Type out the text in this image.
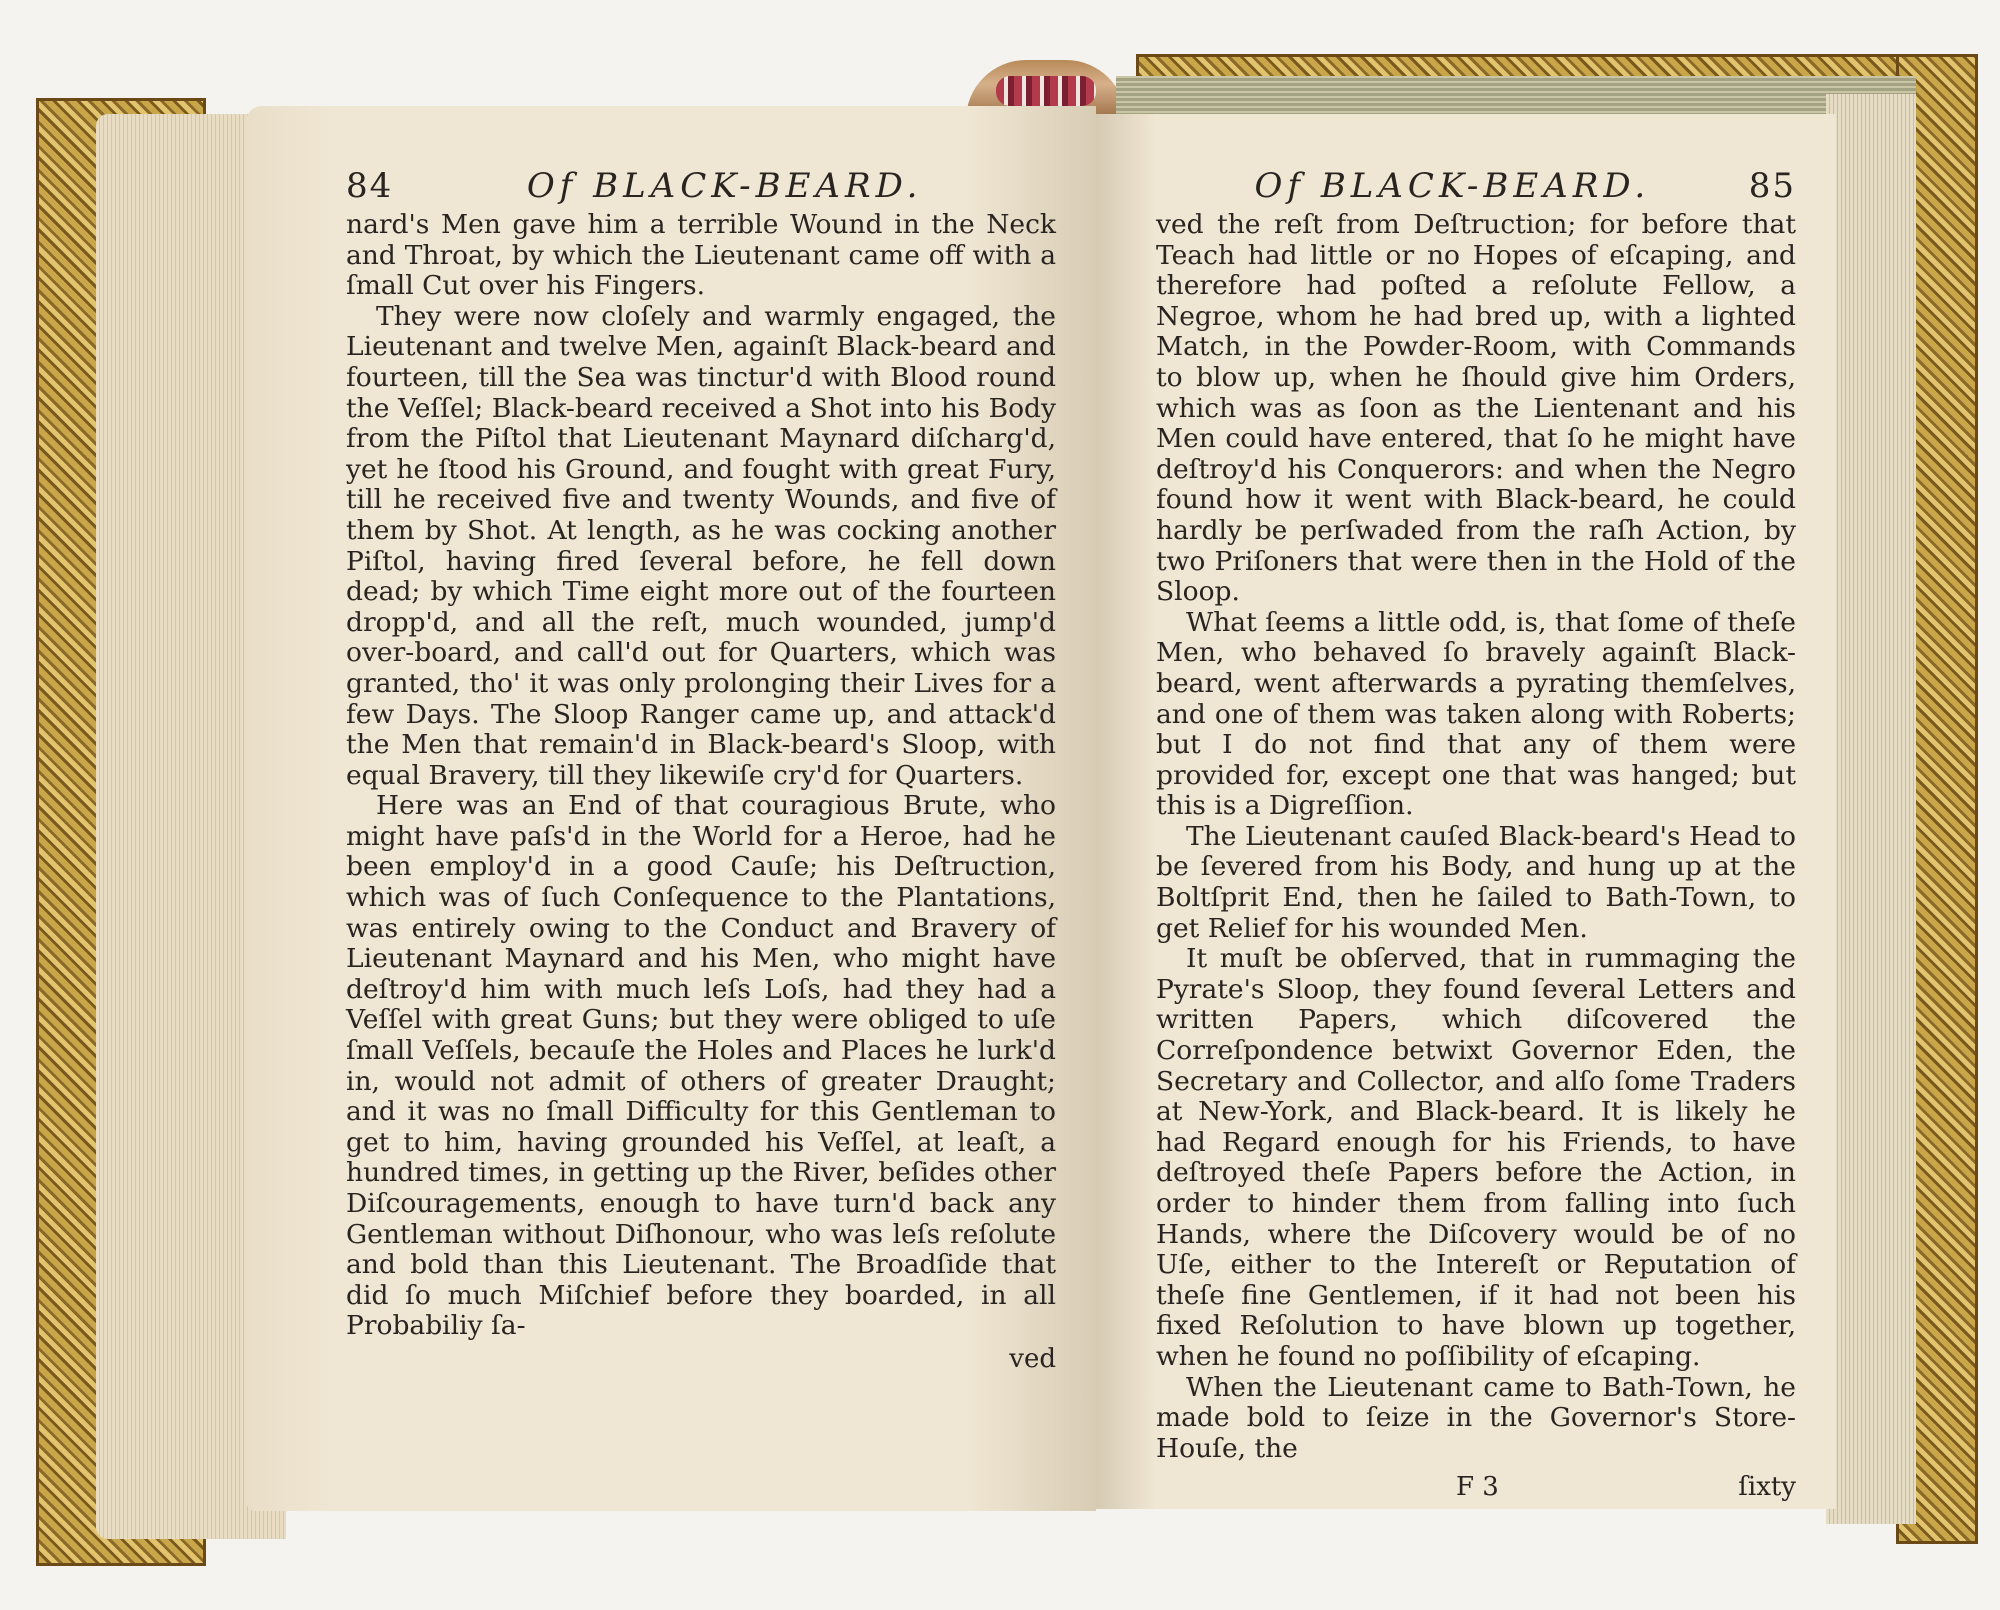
84	Of BLACK-BEARD.

nard's Men gave him a terrible Wound in the Neck and Throat, by which the Lieutenant came off with a ſmall Cut over his Fingers.

They were now cloſely and warmly engaged, the Lieutenant and twelve Men, againſt Black-beard and fourteen, till the Sea was tinctur'd with Blood round the Veſſel; Black-beard received a Shot into his Body from the Piſtol that Lieutenant Maynard diſcharg'd, yet he ſtood his Ground, and fought with great Fury, till he received five and twenty Wounds, and five of them by Shot. At length, as he was cocking another Piſtol, having fired ſeveral before, he fell down dead; by which Time eight more out of the fourteen dropp'd, and all the reſt, much wounded, jump'd over-board, and call'd out for Quarters, which was granted, tho' it was only prolonging their Lives for a few Days. The Sloop Ranger came up, and attack'd the Men that remain'd in Black-beard's Sloop, with equal Bravery, till they likewiſe cry'd for Quarters.

Here was an End of that couragious Brute, who might have paſs'd in the World for a Heroe, had he been employ'd in a good Cauſe; his Deſtruction, which was of ſuch Conſequence to the Plantations, was entirely owing to the Conduct and Bravery of Lieutenant Maynard and his Men, who might have deſtroy'd him with much leſs Loſs, had they had a Veſſel with great Guns; but they were obliged to uſe ſmall Veſſels, becauſe the Holes and Places he lurk'd in, would not admit of others of greater Draught; and it was no ſmall Difficulty for this Gentleman to get to him, having grounded his Veſſel, at leaſt, a hundred times, in getting up the River, beſides other Diſcouragements, enough to have turn'd back any Gentleman without Diſhonour, who was leſs reſolute and bold than this Lieutenant. The Broadſide that did ſo much Miſchief before they boarded, in all Probabiliy ſa-

ved
Of BLACK-BEARD.	85

ved the reſt from Deſtruction; for before that Teach had little or no Hopes of eſcaping, and therefore had poſted a reſolute Fellow, a Negroe, whom he had bred up, with a lighted Match, in the Powder-Room, with Commands to blow up, when he ſhould give him Orders, which was as ſoon as the Lientenant and his Men could have entered, that ſo he might have deſtroy'd his Conquerors: and when the Negro found how it went with Black-beard, he could hardly be perſwaded from the raſh Action, by two Priſoners that were then in the Hold of the Sloop.

What ſeems a little odd, is, that ſome of theſe Men, who behaved ſo bravely againſt Black-beard, went afterwards a pyrating themſelves, and one of them was taken along with Roberts; but I do not find that any of them were provided for, except one that was hanged; but this is a Digreſſion.

The Lieutenant cauſed Black-beard's Head to be ſevered from his Body, and hung up at the Boltſprit End, then he ſailed to Bath-Town, to get Relief for his wounded Men.

It muſt be obſerved, that in rummaging the Pyrate's Sloop, they found ſeveral Letters and written Papers, which diſcovered the Correſpondence betwixt Governor Eden, the Secretary and Collector, and alſo ſome Traders at New-York, and Black-beard. It is likely he had Regard enough for his Friends, to have deſtroyed theſe Papers before the Action, in order to hinder them from falling into ſuch Hands, where the Diſcovery would be of no Uſe, either to the Intereſt or Reputation of theſe fine Gentlemen, if it had not been his fixed Reſolution to have blown up together, when he found no poſſibility of eſcaping.

When the Lieutenant came to Bath-Town, he made bold to ſeize in the Governor's Store-Houſe, the

F 3	ſixty
